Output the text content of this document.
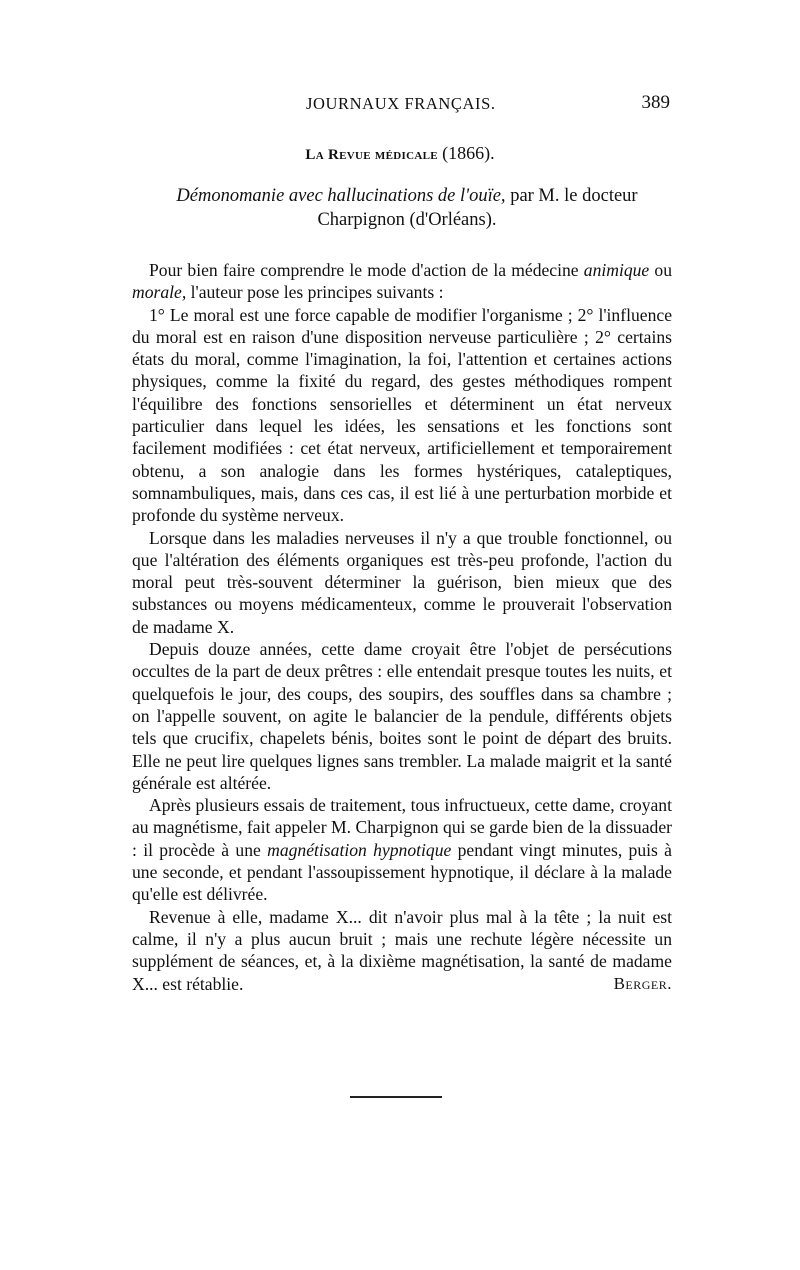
JOURNAUX FRANÇAIS.	389
La Revue médicale (1866).
Démonomanie avec hallucinations de l'ouïe, par M. le docteur Charpignon (d'Orléans).

Pour bien faire comprendre le mode d'action de la médecine animique ou morale, l'auteur pose les principes suivants :

1° Le moral est une force capable de modifier l'organisme ; 2° l'influence du moral est en raison d'une disposition nerveuse particulière ; 2° certains états du moral, comme l'imagination, la foi, l'attention et certaines actions physiques, comme la fixité du regard, des gestes méthodiques rompent l'équilibre des fonctions sensorielles et déterminent un état nerveux particulier dans lequel les idées, les sensations et les fonctions sont facilement modifiées : cet état nerveux, artificiellement et temporairement obtenu, a son analogie dans les formes hystériques, cataleptiques, somnambuliques, mais, dans ces cas, il est lié à une perturbation morbide et profonde du système nerveux.

Lorsque dans les maladies nerveuses il n'y a que trouble fonctionnel, ou que l'altération des éléments organiques est très-peu profonde, l'action du moral peut très-souvent déterminer la guérison, bien mieux que des substances ou moyens médicamenteux, comme le prouverait l'observation de madame X.

Depuis douze années, cette dame croyait être l'objet de persécutions occultes de la part de deux prêtres : elle entendait presque toutes les nuits, et quelquefois le jour, des coups, des soupirs, des souffles dans sa chambre ; on l'appelle souvent, on agite le balancier de la pendule, différents objets tels que crucifix, chapelets bénis, boites sont le point de départ des bruits. Elle ne peut lire quelques lignes sans trembler. La malade maigrit et la santé générale est altérée.

Après plusieurs essais de traitement, tous infructueux, cette dame, croyant au magnétisme, fait appeler M. Charpignon qui se garde bien de la dissuader : il procède à une magnétisation hypnotique pendant vingt minutes, puis à une seconde, et pendant l'assoupissement hypnotique, il déclare à la malade qu'elle est délivrée.

Revenue à elle, madame X... dit n'avoir plus mal à la tête ; la nuit est calme, il n'y a plus aucun bruit ; mais une rechute légère nécessite un supplément de séances, et, à la dixième magnétisation, la santé de madame X... est rétablie.	Berger.
